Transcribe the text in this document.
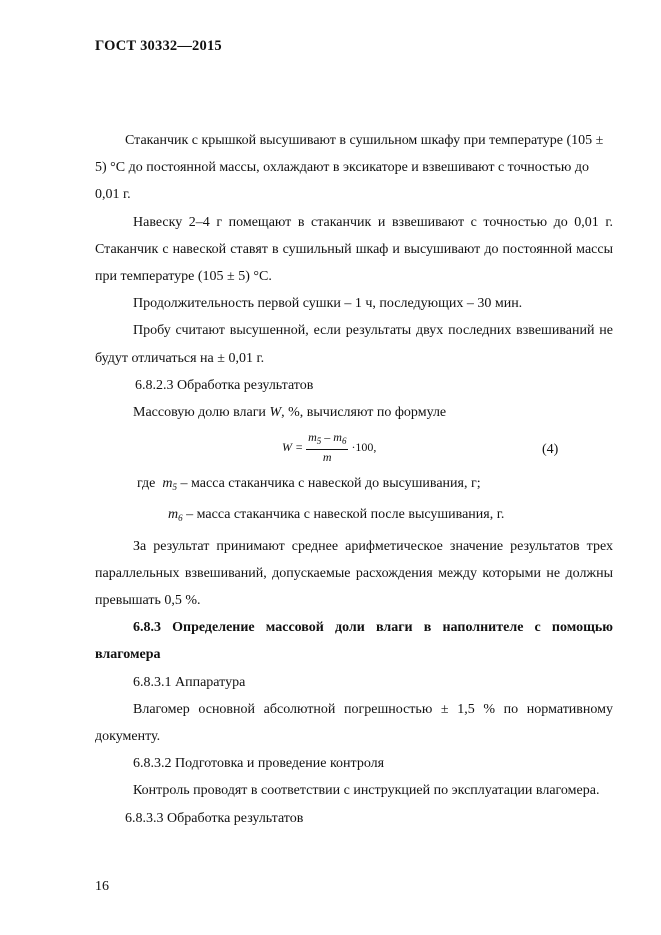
ГОСТ 30332—2015

Стаканчик с крышкой высушивают в сушильном шкафу при температуре (105 ± 5) °С до постоянной массы, охлаждают в эксикаторе и взвешивают с точностью до 0,01 г.

Навеску 2–4 г помещают в стаканчик и взвешивают с точностью до 0,01 г. Стаканчик с навеской ставят в сушильный шкаф и высушивают до постоянной массы при температуре (105 ± 5) °С.

Продолжительность первой сушки – 1 ч, последующих – 30 мин.

Пробу считают высушенной, если результаты двух последних взвешиваний не будут отличаться на ± 0,01 г.

6.8.2.3 Обработка результатов

Массовую долю влаги W, %, вычисляют по формуле

$W = \frac{m_5 - m_6}{m} \cdot 100$,	(4)

где $m_5$ – масса стаканчика с навеской до высушивания, г;

$m_6$ – масса стаканчика с навеской после высушивания, г.

За результат принимают среднее арифметическое значение результатов трех параллельных взвешиваний, допускаемые расхождения между которыми не должны превышать 0,5 %.

6.8.3 Определение массовой доли влаги в наполнителе с помощью влагомера

6.8.3.1 Аппаратура

Влагомер основной абсолютной погрешностью ± 1,5 % по нормативному документу.

6.8.3.2 Подготовка и проведение контроля

Контроль проводят в соответствии с инструкцией по эксплуатации влагомера.

6.8.3.3 Обработка результатов

16
